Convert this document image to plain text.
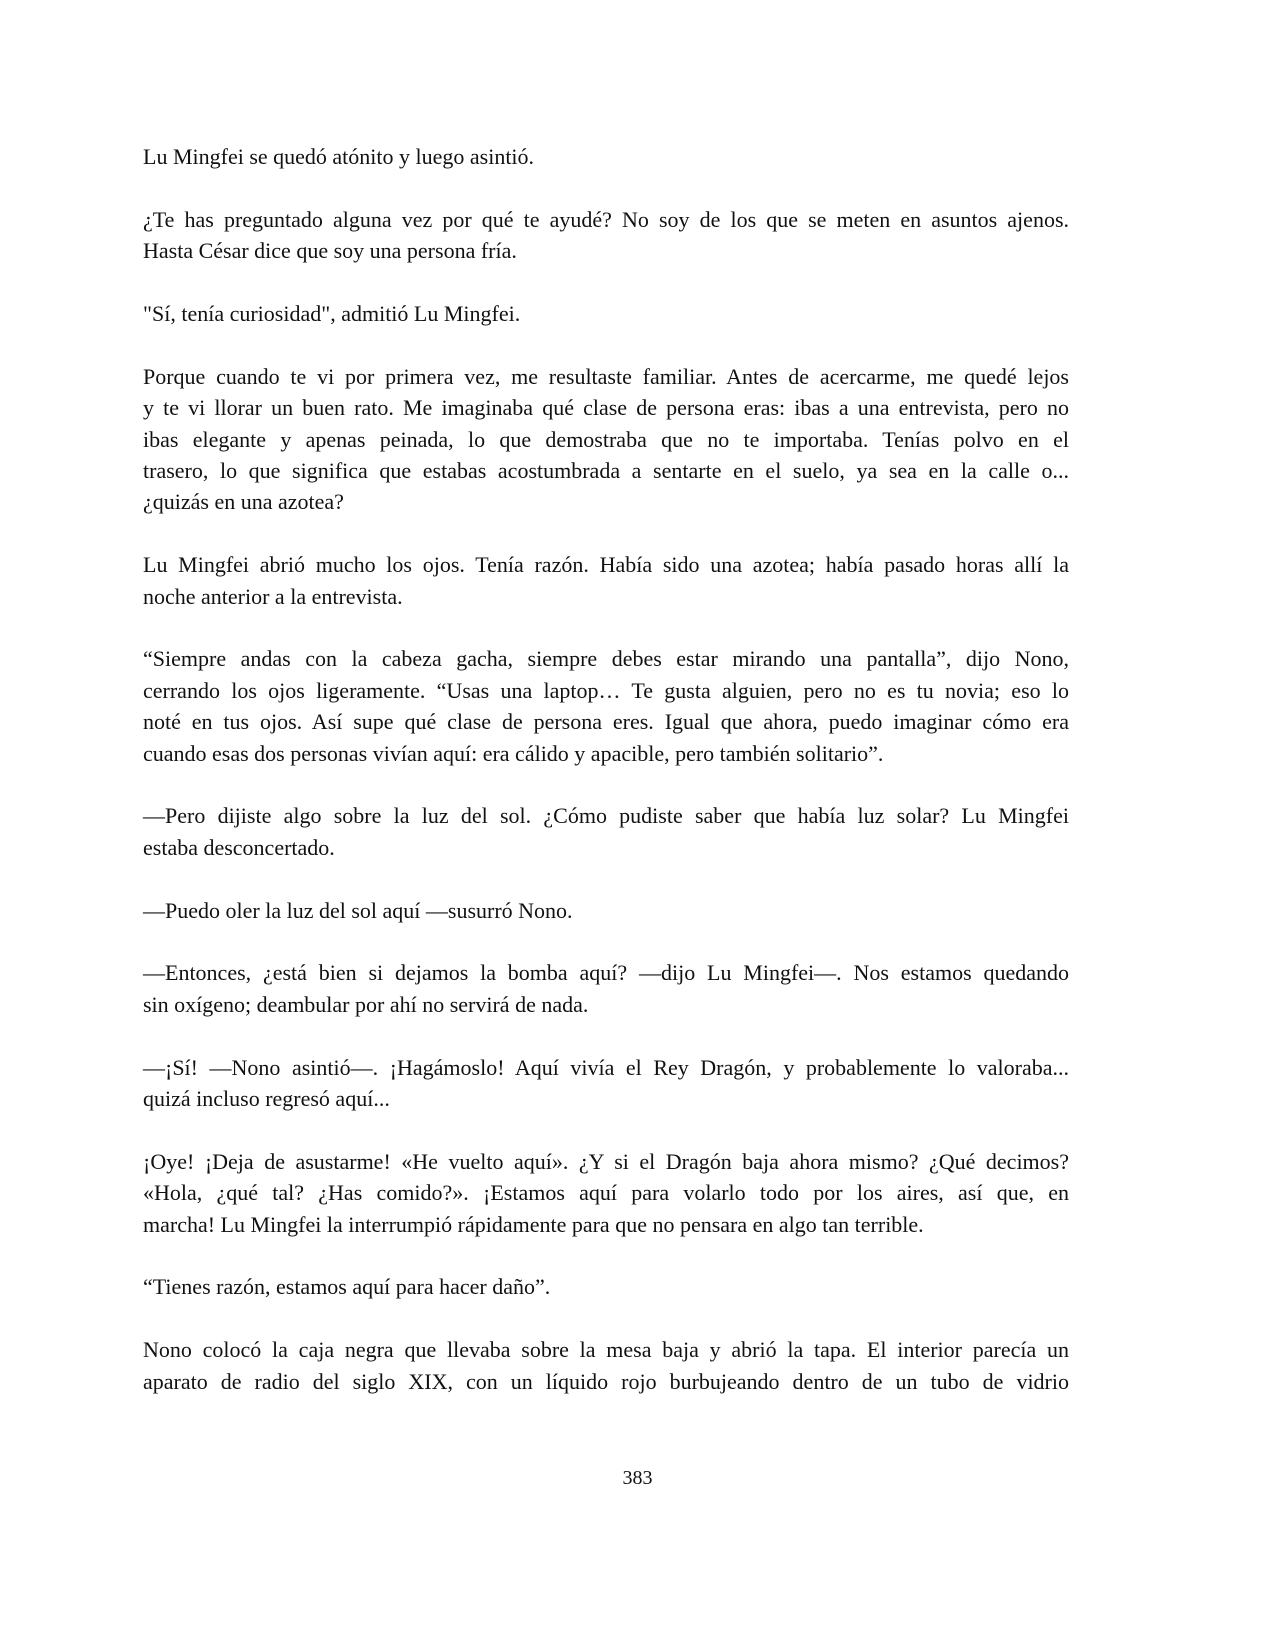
Lu Mingfei se quedó atónito y luego asintió.
¿Te has preguntado alguna vez por qué te ayudé? No soy de los que se meten en asuntos ajenos.
Hasta César dice que soy una persona fría.
"Sí, tenía curiosidad", admitió Lu Mingfei.
Porque cuando te vi por primera vez, me resultaste familiar. Antes de acercarme, me quedé lejos
y te vi llorar un buen rato. Me imaginaba qué clase de persona eras: ibas a una entrevista, pero no
ibas elegante y apenas peinada, lo que demostraba que no te importaba. Tenías polvo en el
trasero, lo que significa que estabas acostumbrada a sentarte en el suelo, ya sea en la calle o...
¿quizás en una azotea?
Lu Mingfei abrió mucho los ojos. Tenía razón. Había sido una azotea; había pasado horas allí la
noche anterior a la entrevista.
“Siempre andas con la cabeza gacha, siempre debes estar mirando una pantalla”, dijo Nono,
cerrando los ojos ligeramente. “Usas una laptop… Te gusta alguien, pero no es tu novia; eso lo
noté en tus ojos. Así supe qué clase de persona eres. Igual que ahora, puedo imaginar cómo era
cuando esas dos personas vivían aquí: era cálido y apacible, pero también solitario”.
—Pero dijiste algo sobre la luz del sol. ¿Cómo pudiste saber que había luz solar? Lu Mingfei
estaba desconcertado.
—Puedo oler la luz del sol aquí —susurró Nono.
—Entonces, ¿está bien si dejamos la bomba aquí? —dijo Lu Mingfei—. Nos estamos quedando
sin oxígeno; deambular por ahí no servirá de nada.
—¡Sí! —Nono asintió—. ¡Hagámoslo! Aquí vivía el Rey Dragón, y probablemente lo valoraba...
quizá incluso regresó aquí...
¡Oye! ¡Deja de asustarme! «He vuelto aquí». ¿Y si el Dragón baja ahora mismo? ¿Qué decimos?
«Hola, ¿qué tal? ¿Has comido?». ¡Estamos aquí para volarlo todo por los aires, así que, en
marcha! Lu Mingfei la interrumpió rápidamente para que no pensara en algo tan terrible.
“Tienes razón, estamos aquí para hacer daño”.
Nono colocó la caja negra que llevaba sobre la mesa baja y abrió la tapa. El interior parecía un
aparato de radio del siglo XIX, con un líquido rojo burbujeando dentro de un tubo de vidrio
383
